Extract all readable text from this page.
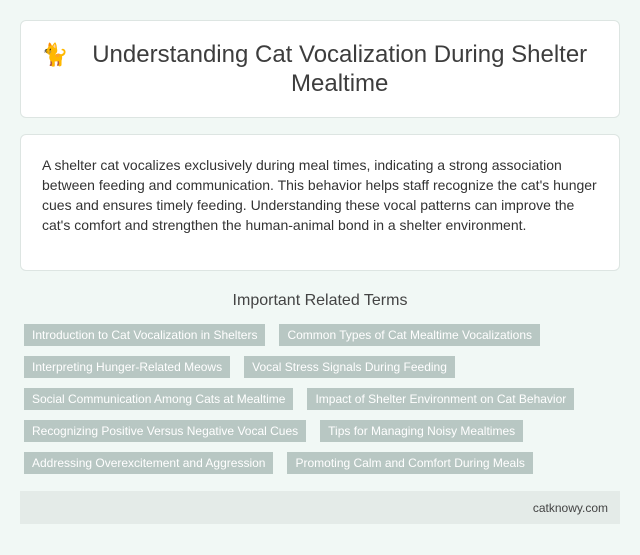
🐈 Understanding Cat Vocalization During Shelter Mealtime

A shelter cat vocalizes exclusively during meal times, indicating a strong association between feeding and communication. This behavior helps staff recognize the cat's hunger cues and ensures timely feeding. Understanding these vocal patterns can improve the cat's comfort and strengthen the human-animal bond in a shelter environment.

Important Related Terms
Introduction to Cat Vocalization in Shelters	Common Types of Cat Mealtime Vocalizations
Interpreting Hunger-Related Meows	Vocal Stress Signals During Feeding
Social Communication Among Cats at Mealtime	Impact of Shelter Environment on Cat Behavior
Recognizing Positive Versus Negative Vocal Cues	Tips for Managing Noisy Mealtimes
Addressing Overexcitement and Aggression	Promoting Calm and Comfort During Meals
catknowy.com
